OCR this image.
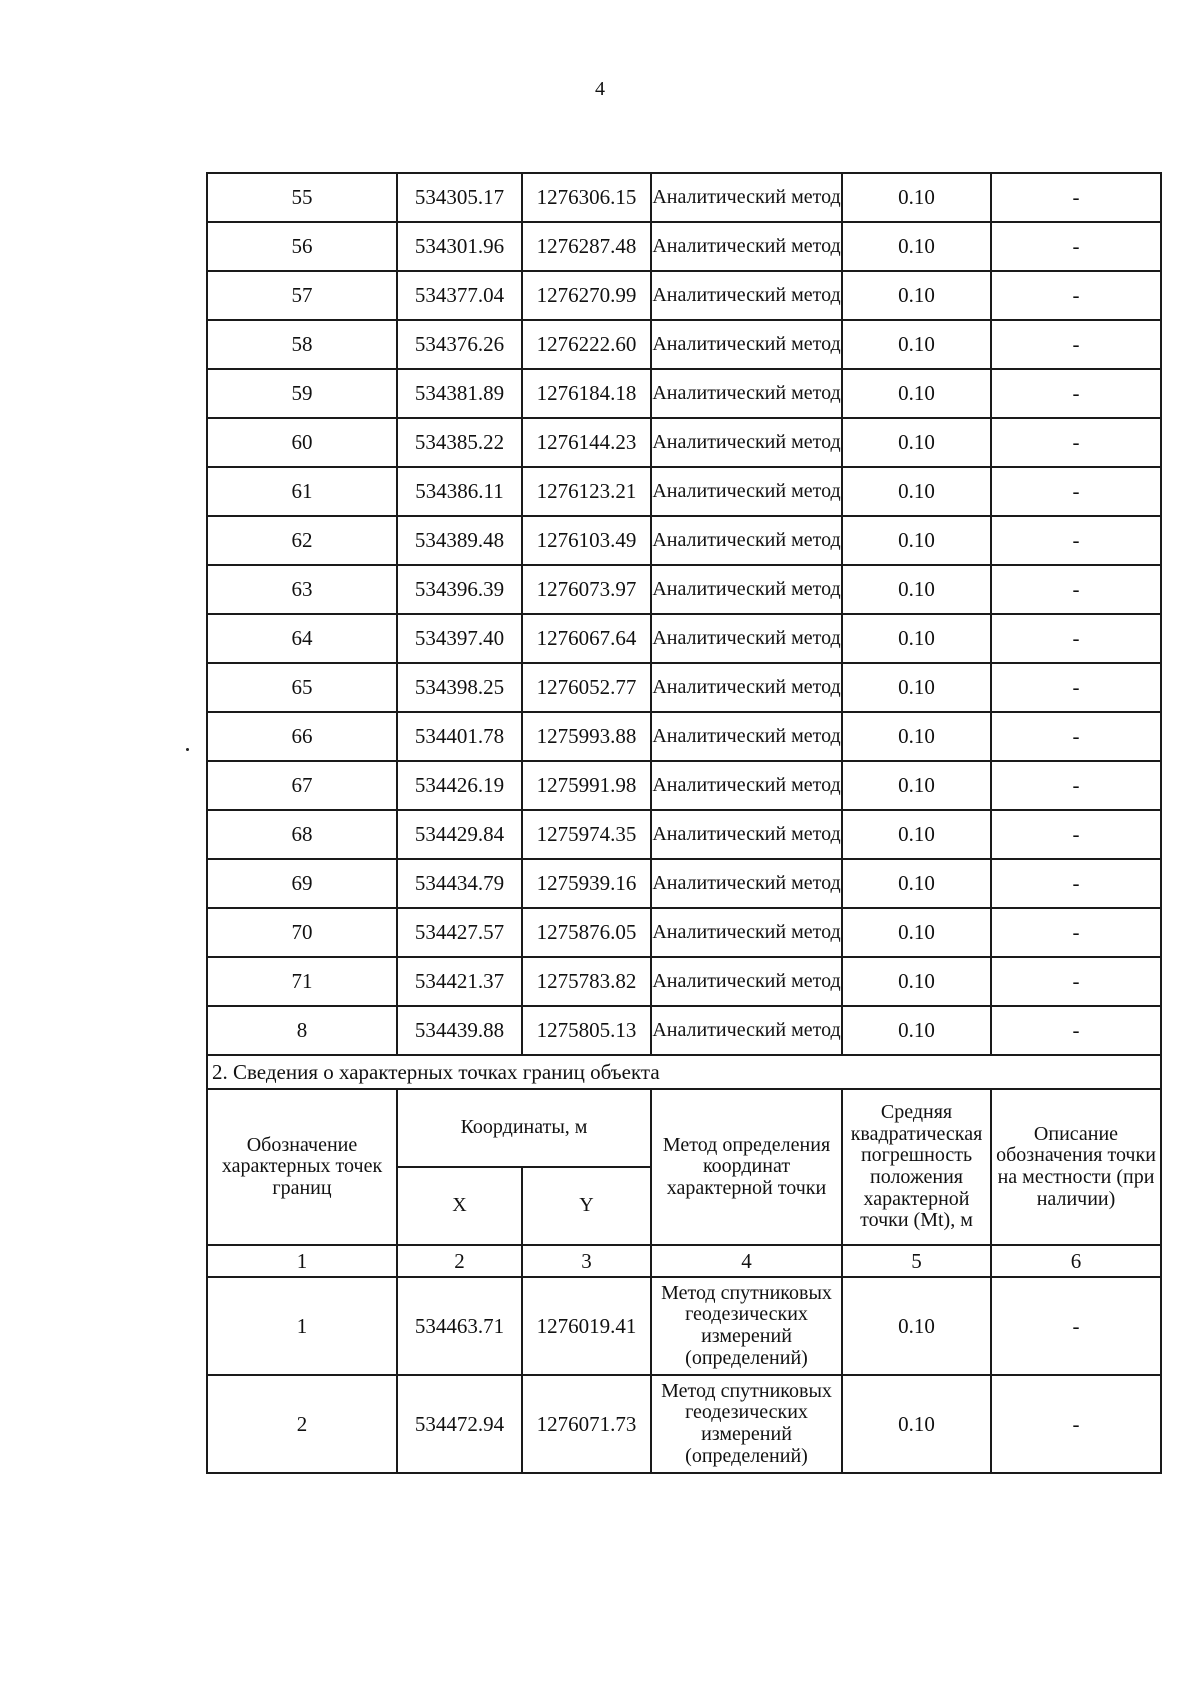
4
55	534305.17	1276306.15	Аналитический метод	0.10	-
56	534301.96	1276287.48	Аналитический метод	0.10	-
57	534377.04	1276270.99	Аналитический метод	0.10	-
58	534376.26	1276222.60	Аналитический метод	0.10	-
59	534381.89	1276184.18	Аналитический метод	0.10	-
60	534385.22	1276144.23	Аналитический метод	0.10	-
61	534386.11	1276123.21	Аналитический метод	0.10	-
62	534389.48	1276103.49	Аналитический метод	0.10	-
63	534396.39	1276073.97	Аналитический метод	0.10	-
64	534397.40	1276067.64	Аналитический метод	0.10	-
65	534398.25	1276052.77	Аналитический метод	0.10	-
66	534401.78	1275993.88	Аналитический метод	0.10	-
67	534426.19	1275991.98	Аналитический метод	0.10	-
68	534429.84	1275974.35	Аналитический метод	0.10	-
69	534434.79	1275939.16	Аналитический метод	0.10	-
70	534427.57	1275876.05	Аналитический метод	0.10	-
71	534421.37	1275783.82	Аналитический метод	0.10	-
8	534439.88	1275805.13	Аналитический метод	0.10	-
2. Сведения о характерных точках границ объекта					
Обозначение характерных точек границ	Координаты, м		Метод определения координат характерной точки	Средняя квадратическая погрешность положения характерной точки (Mt), м	Описание обозначения точки на местности (при наличии)
	X	Y			
1	2	3	4	5	6
1	534463.71	1276019.41	Метод спутниковых геодезических измерений (определений)	0.10	-
2	534472.94	1276071.73	Метод спутниковых геодезических измерений (определений)	0.10	-
